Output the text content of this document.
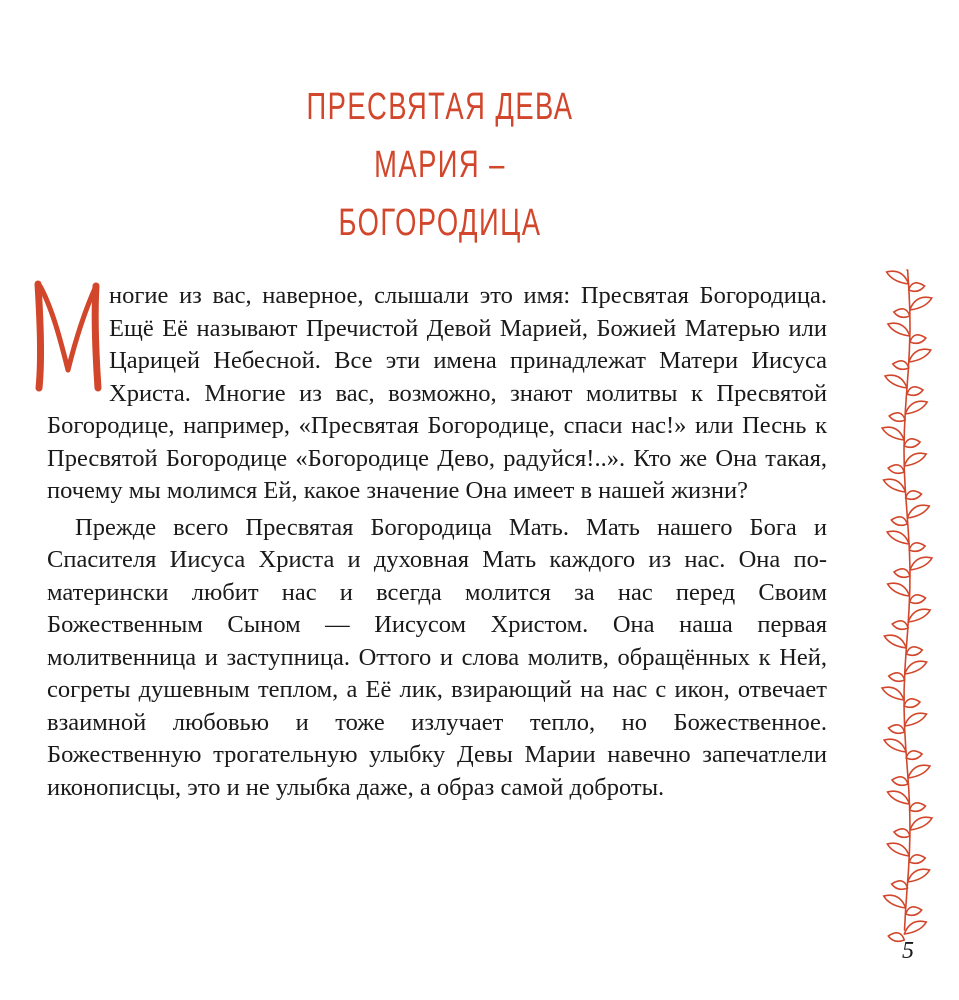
ПРЕСВЯТАЯ ДЕВА МАРИЯ –
БОГОРОДИЦА

ногие из вас, наверное, слышали это имя: Пресвятая Богородица. Ещё Её называют Пречистой Девой Марией, Божией Матерью или Царицей Небесной. Все эти имена принадлежат Матери Иисуса Христа. Многие из вас, возможно, знают молитвы к Пресвятой Богородице, например, «Пресвятая Богородице, спаси нас!» или Песнь к Пресвятой Богородице «Богородице Дево, радуйся!..». Кто же Она такая, почему мы молимся Ей, какое значение Она имеет в нашей жизни?

Прежде всего Пресвятая Богородица Мать. Мать нашего Бога и Спасителя Иисуса Христа и духовная Мать каждого из нас. Она по-матерински любит нас и всегда молится за нас перед Своим Божественным Сыном — Иисусом Христом. Она наша первая молитвенница и заступница. Оттого и слова молитв, обращённых к Ней, согреты душевным теплом, а Её лик, взирающий на нас с икон, отвечает взаимной любовью и тоже излучает тепло, но Божественное. Божественную трогательную улыбку Девы Марии навечно запечатлели иконописцы, это и не улыбка даже, а образ самой доброты.

5
